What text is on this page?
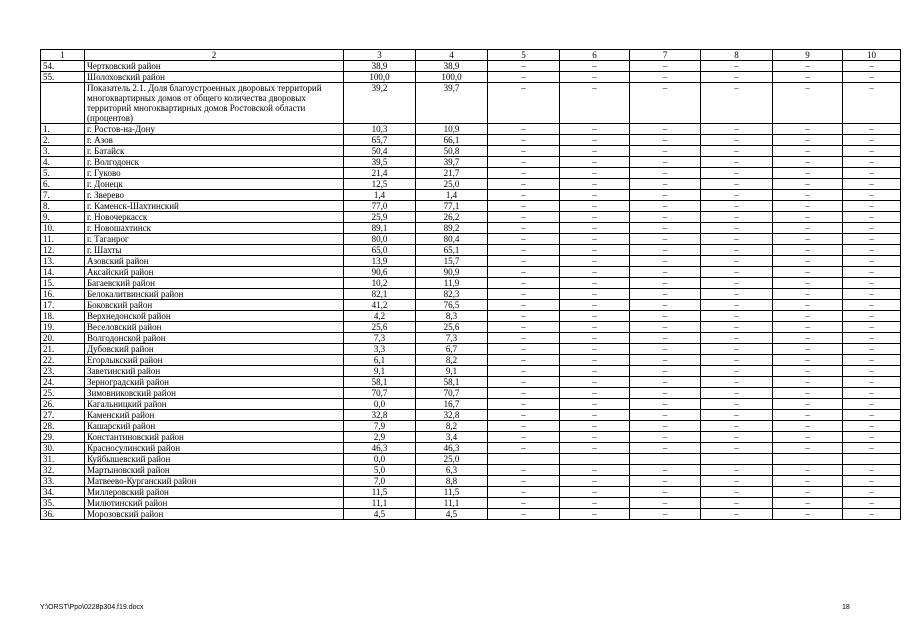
1	2	3	4	5	6	7	8	9	10
54.	Чертковский район	38,9	38,9	–	–	–	–	–	–
55.	Шолоховский район	100,0	100,0	–	–	–	–	–	–
	Показатель 2.1. Доля благоустроенных дворовых территорий многоквартирных домов от общего количества дворовых территорий многоквартирных домов Ростовской области (процентов)	39,2	39,7	–	–	–	–	–	–
1.	г. Ростов-на-Дону	10,3	10,9	–	–	–	–	–	–
2.	г. Азов	65,7	66,1	–	–	–	–	–	–
3.	г. Батайск	50,4	50,8	–	–	–	–	–	–
4.	г. Волгодонск	39,5	39,7	–	–	–	–	–	–
5.	г. Гуково	21,4	21,7	–	–	–	–	–	–
6.	г. Донецк	12,5	25,0	–	–	–	–	–	–
7.	г. Зверево	1,4	1,4	–	–	–	–	–	–
8.	г. Каменск-Шахтинский	77,0	77,1	–	–	–	–	–	–
9.	г. Новочеркасск	25,9	26,2	–	–	–	–	–	–
10.	г. Новошахтинск	89,1	89,2	–	–	–	–	–	–
11.	г. Таганрог	80,0	80,4	–	–	–	–	–	–
12.	г. Шахты	65,0	65,1	–	–	–	–	–	–
13.	Азовский район	13,9	15,7	–	–	–	–	–	–
14.	Аксайский район	90,6	90,9	–	–	–	–	–	–
15.	Багаевский район	10,2	11,9	–	–	–	–	–	–
16.	Белокалитвинский район	82,1	82,3	–	–	–	–	–	–
17.	Боковский район	41,2	76,5	–	–	–	–	–	–
18.	Верхнедонской район	4,2	8,3	–	–	–	–	–	–
19.	Веселовский район	25,6	25,6	–	–	–	–	–	–
20.	Волгодонской район	7,3	7,3	–	–	–	–	–	–
21.	Дубовский район	3,3	6,7	–	–	–	–	–	–
22.	Егорлыкский район	6,1	8,2	–	–	–	–	–	–
23.	Заветинский район	9,1	9,1	–	–	–	–	–	–
24.	Зерноградский район	58,1	58,1	–	–	–	–	–	–
25.	Зимовниковский район	70,7	70,7	–	–	–	–	–	–
26.	Кагальницкий район	0,0	16,7	–	–	–	–	–	–
27.	Каменский район	32,8	32,8	–	–	–	–	–	–
28.	Кашарский район	7,9	8,2	–	–	–	–	–	–
29.	Константиновский район	2,9	3,4	–	–	–	–	–	–
30.	Красносулинский район	46,3	46,3	–	–	–	–	–	–
31.	Куйбышевский район	0,0	25,0						
32.	Мартыновский район	5,0	6,3	–	–	–	–	–	–
33.	Матвеево-Курганский район	7,0	8,8	–	–	–	–	–	–
34.	Миллеровский район	11,5	11,5	–	–	–	–	–	–
35.	Милютинский район	11,1	11,1	–	–	–	–	–	–
36.	Морозовский район	4,5	4,5	–	–	–	–	–	–
Y:\ORST\Ppo\0228p304.f19.docx	18
